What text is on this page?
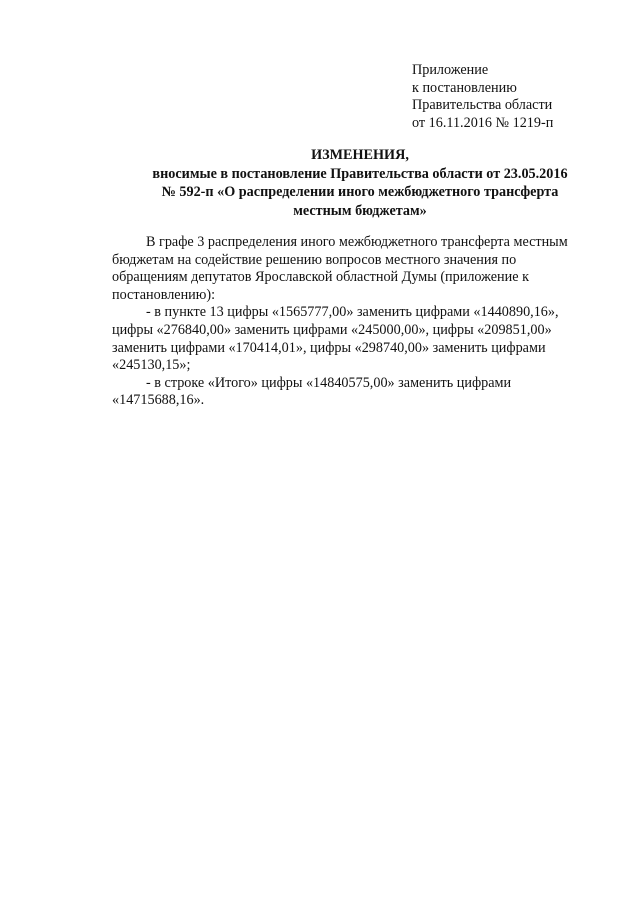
Приложение
к постановлению
Правительства области
от 16.11.2016 № 1219-п
ИЗМЕНЕНИЯ,
вносимые в постановление Правительства области от 23.05.2016
№ 592-п «О распределении иного межбюджетного трансферта
местным бюджетам»

В графе 3 распределения иного межбюджетного трансферта местным
бюджетам на содействие решению вопросов местного значения по
обращениям депутатов Ярославской областной Думы (приложение к
постановлению):

- в пункте 13 цифры «1565777,00» заменить цифрами «1440890,16»,
цифры «276840,00» заменить цифрами «245000,00», цифры «209851,00»
заменить цифрами «170414,01», цифры «298740,00» заменить цифрами
«245130,15»;

- в строке «Итого» цифры «14840575,00» заменить цифрами
«14715688,16».
